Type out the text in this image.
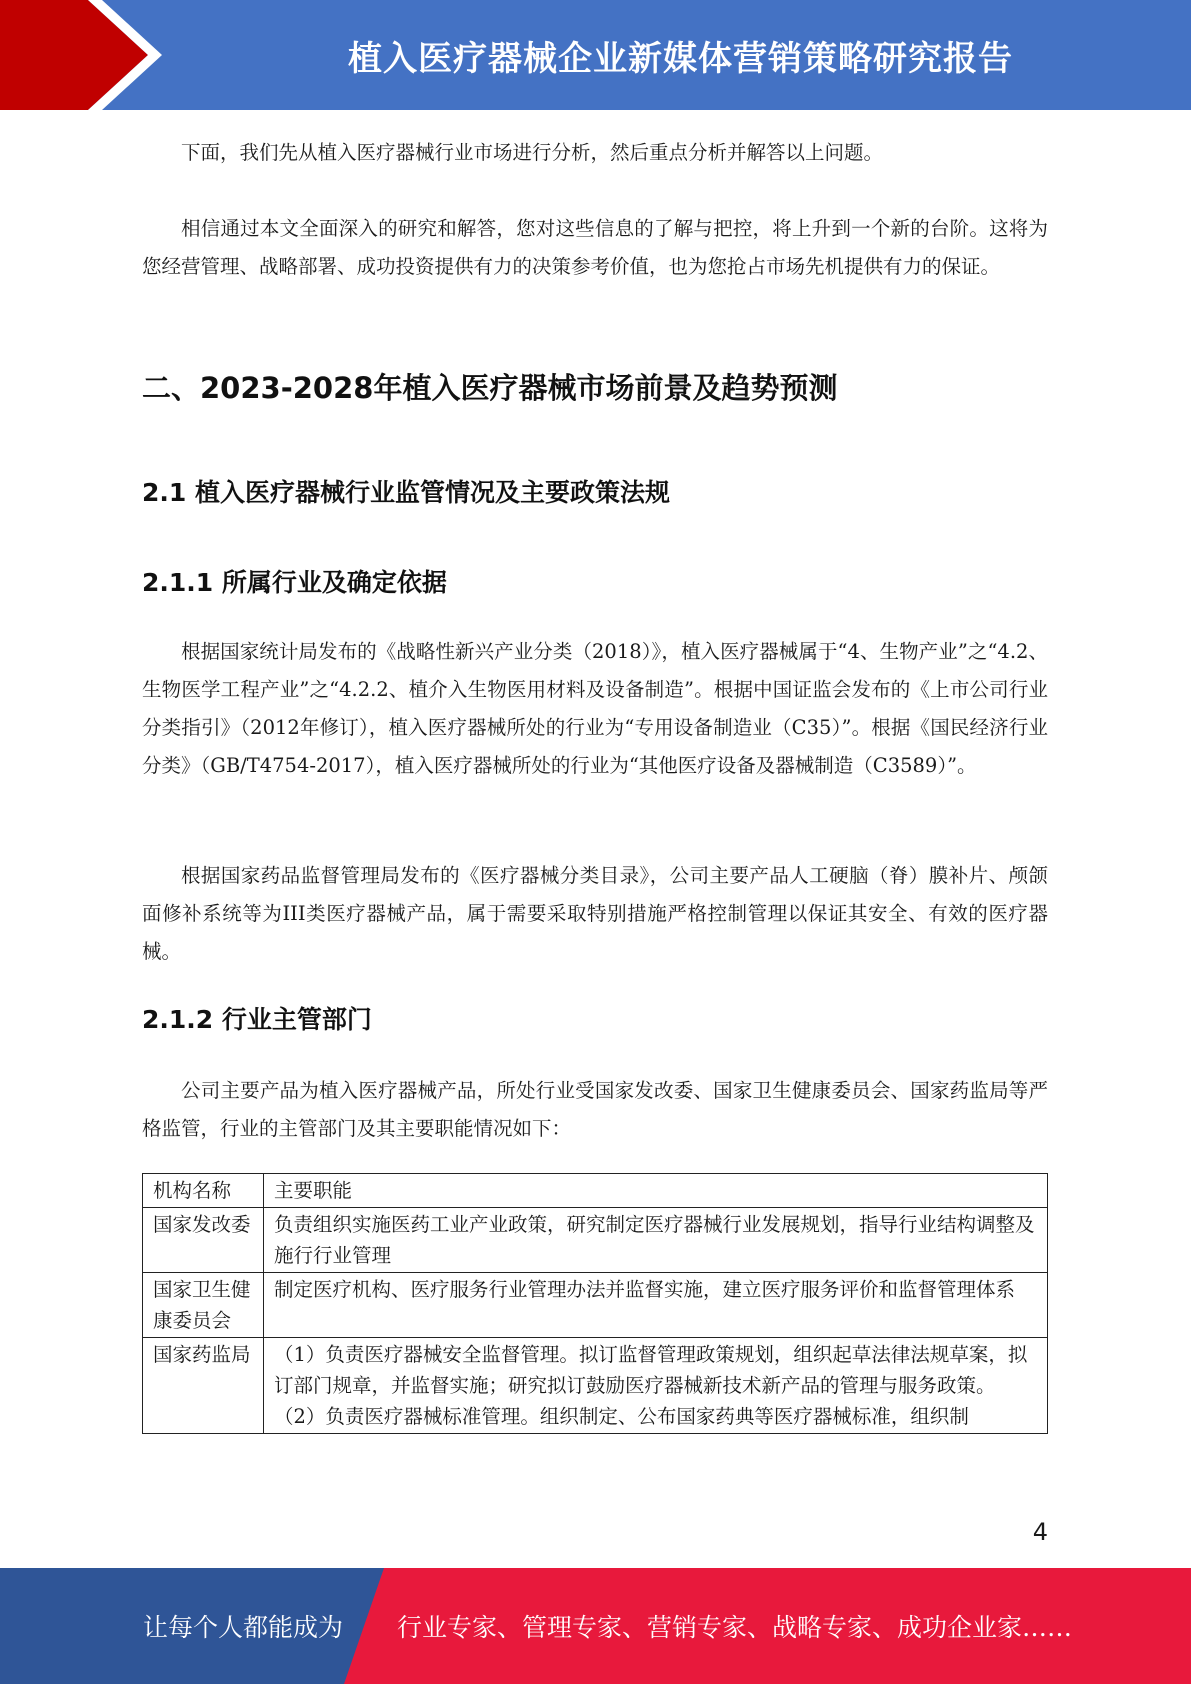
植入医疗器械企业新媒体营销策略研究报告

下面，我们先从植入医疗器械行业市场进行分析，然后重点分析并解答以上问题。

相信通过本文全面深入的研究和解答，您对这些信息的了解与把控，将上升到一个新的台阶。这将为您经营管理、战略部署、成功投资提供有力的决策参考价值，也为您抢占市场先机提供有力的保证。

二、2023-2028年植入医疗器械市场前景及趋势预测
2.1 植入医疗器械行业监管情况及主要政策法规
2.1.1 所属行业及确定依据

根据国家统计局发布的《战略性新兴产业分类（2018）》，植入医疗器械属于“4、生物产业”之“4.2、生物医学工程产业”之“4.2.2、植介入生物医用材料及设备制造”。根据中国证监会发布的《上市公司行业分类指引》（2012年修订），植入医疗器械所处的行业为“专用设备制造业（C35）”。根据《国民经济行业分类》（GB/T4754-2017），植入医疗器械所处的行业为“其他医疗设备及器械制造（C3589）”。

根据国家药品监督管理局发布的《医疗器械分类目录》，公司主要产品人工硬脑（脊）膜补片、颅颌面修补系统等为III类医疗器械产品，属于需要采取特别措施严格控制管理以保证其安全、有效的医疗器械。

2.1.2 行业主管部门

公司主要产品为植入医疗器械产品，所处行业受国家发改委、国家卫生健康委员会、国家药监局等严格监管，行业的主管部门及其主要职能情况如下：

机构名称	主要职能
国家发改委	负责组织实施医药工业产业政策，研究制定医疗器械行业发展规划，指导行业结构调整及施行行业管理
国家卫生健康委员会	制定医疗机构、医疗服务行业管理办法并监督实施，建立医疗服务评价和监督管理体系
国家药监局	（1）负责医疗器械安全监督管理。拟订监督管理政策规划，组织起草法律法规草案，拟订部门规章，并监督实施；研究拟订鼓励医疗器械新技术新产品的管理与服务政策。
（2）负责医疗器械标准管理。组织制定、公布国家药典等医疗器械标准，组织制
4
让每个人都能成为 行业专家、管理专家、营销专家、战略专家、成功企业家……
